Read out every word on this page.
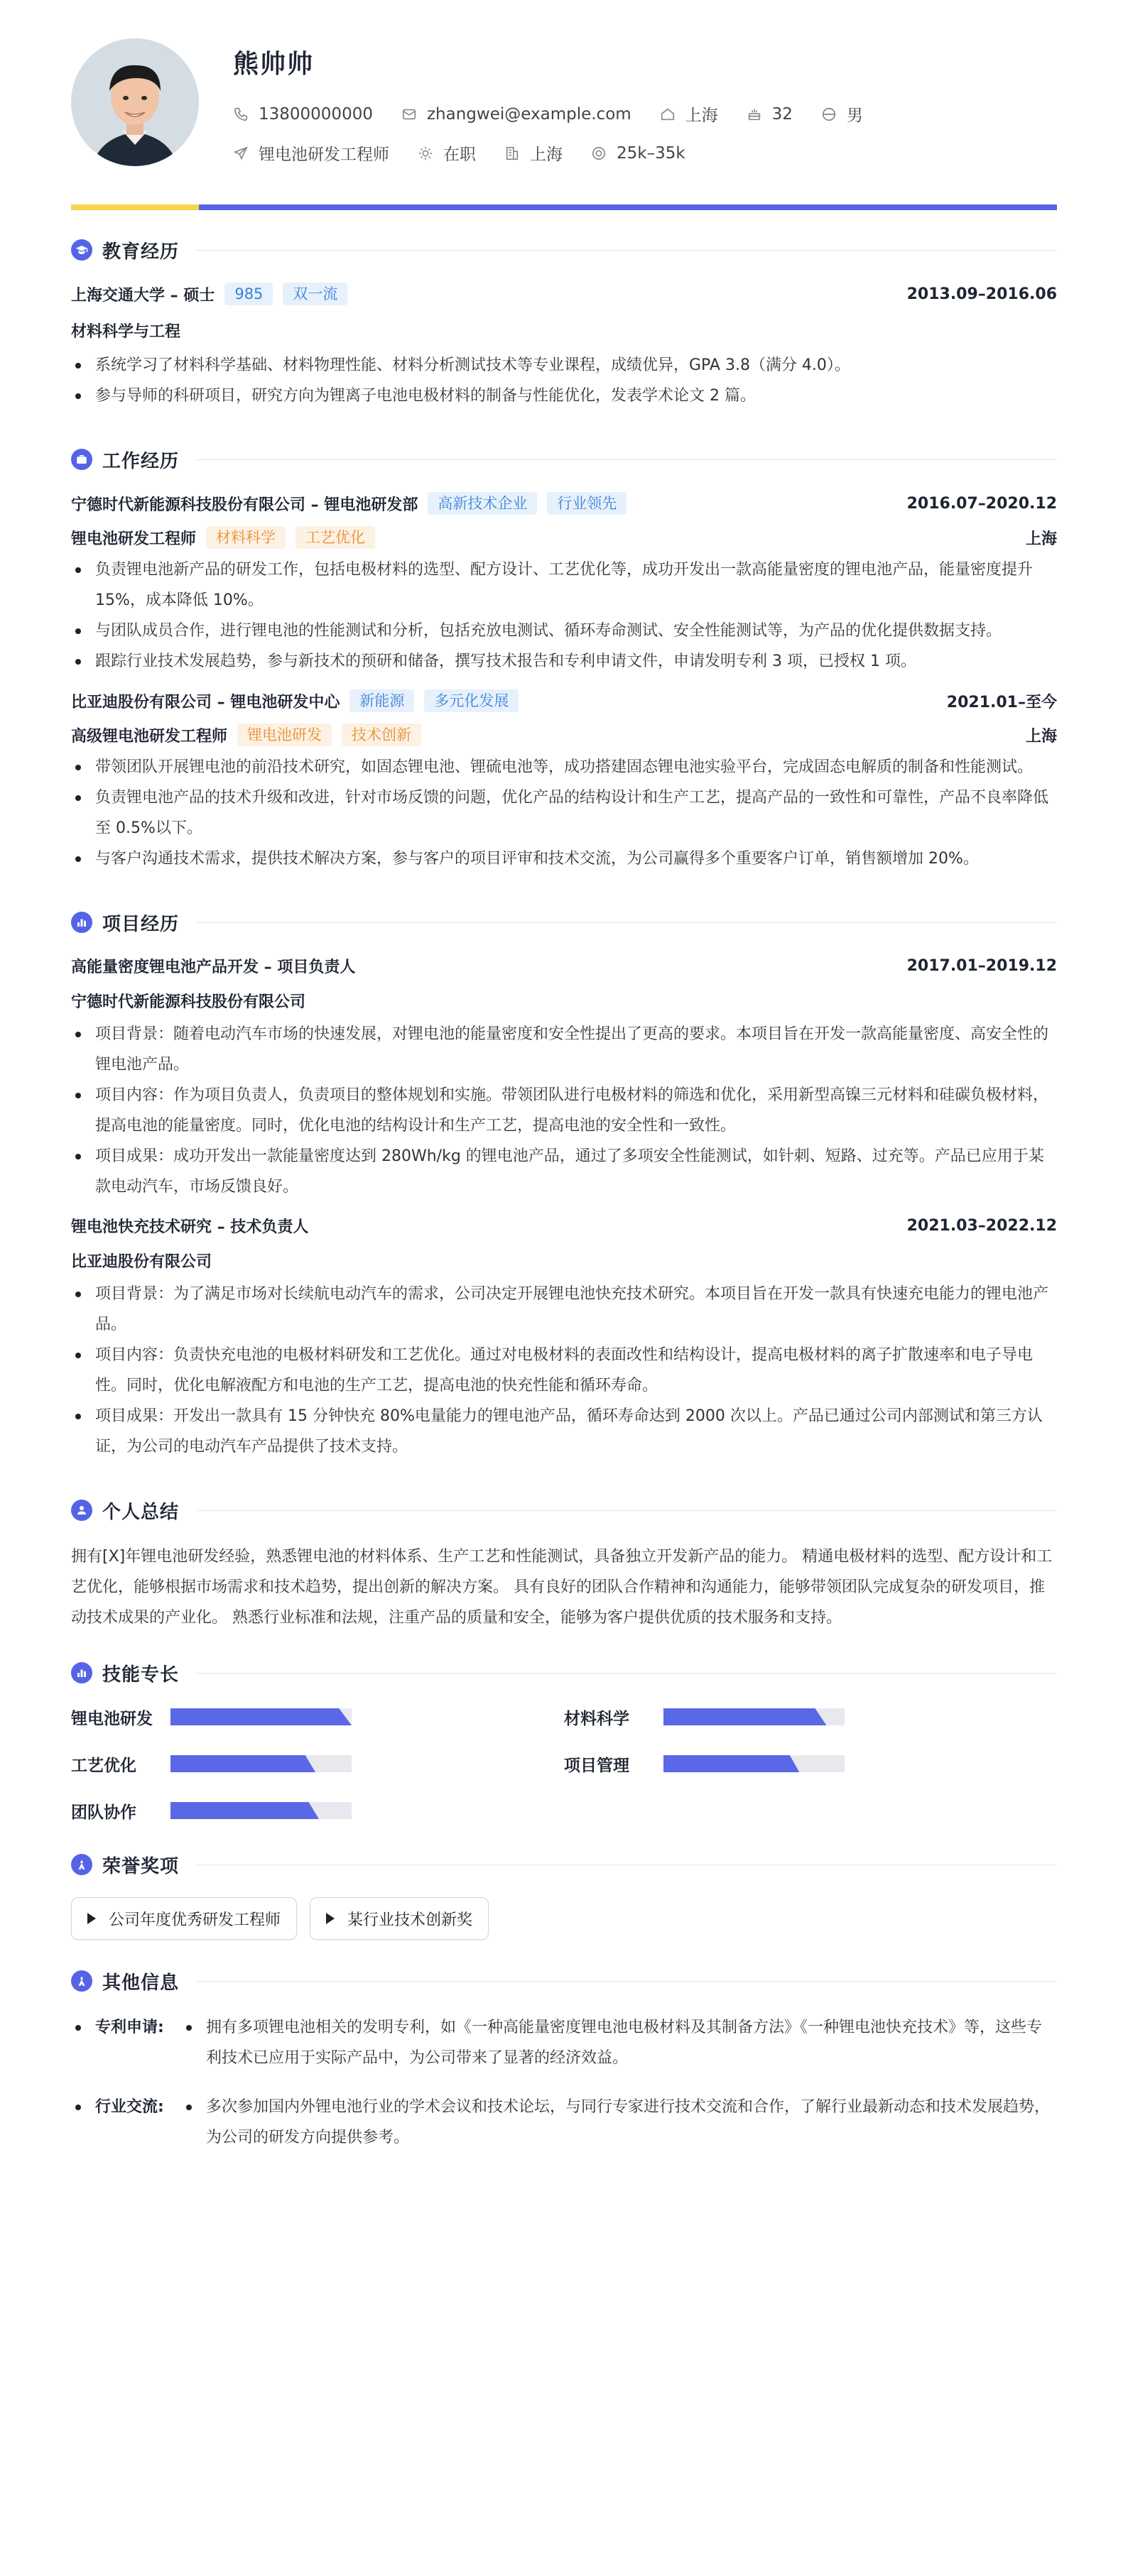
熊帅帅
13800000000	zhangwei@example.com	上海	32	男
锂电池研发工程师	在职	上海	25k–35k
教育经历
上海交通大学 – 硕士	985	双一流	2013.09–2016.06
材料科学与工程
系统学习了材料科学基础、材料物理性能、材料分析测试技术等专业课程，成绩优异，GPA 3.8（满分 4.0）。
参与导师的科研项目，研究方向为锂离子电池电极材料的制备与性能优化，发表学术论文 2 篇。
工作经历
宁德时代新能源科技股份有限公司 – 锂电池研发部	高新技术企业	行业领先	2016.07–2020.12
锂电池研发工程师	材料科学	工艺优化	上海
负责锂电池新产品的研发工作，包括电极材料的选型、配方设计、工艺优化等，成功开发出一款高能量密度的锂电池产品，能量密度提升 15%，成本降低 10%。
与团队成员合作，进行锂电池的性能测试和分析，包括充放电测试、循环寿命测试、安全性能测试等，为产品的优化提供数据支持。
跟踪行业技术发展趋势，参与新技术的预研和储备，撰写技术报告和专利申请文件，申请发明专利 3 项，已授权 1 项。
比亚迪股份有限公司 – 锂电池研发中心	新能源	多元化发展	2021.01–至今
高级锂电池研发工程师	锂电池研发	技术创新	上海
带领团队开展锂电池的前沿技术研究，如固态锂电池、锂硫电池等，成功搭建固态锂电池实验平台，完成固态电解质的制备和性能测试。
负责锂电池产品的技术升级和改进，针对市场反馈的问题，优化产品的结构设计和生产工艺，提高产品的一致性和可靠性，产品不良率降低至 0.5%以下。
与客户沟通技术需求，提供技术解决方案，参与客户的项目评审和技术交流，为公司赢得多个重要客户订单，销售额增加 20%。
项目经历
高能量密度锂电池产品开发 – 项目负责人	2017.01–2019.12
宁德时代新能源科技股份有限公司
项目背景：随着电动汽车市场的快速发展，对锂电池的能量密度和安全性提出了更高的要求。本项目旨在开发一款高能量密度、高安全性的锂电池产品。
项目内容：作为项目负责人，负责项目的整体规划和实施。带领团队进行电极材料的筛选和优化，采用新型高镍三元材料和硅碳负极材料，提高电池的能量密度。同时，优化电池的结构设计和生产工艺，提高电池的安全性和一致性。
项目成果：成功开发出一款能量密度达到 280Wh/kg 的锂电池产品，通过了多项安全性能测试，如针刺、短路、过充等。产品已应用于某款电动汽车，市场反馈良好。
锂电池快充技术研究 – 技术负责人	2021.03–2022.12
比亚迪股份有限公司
项目背景：为了满足市场对长续航电动汽车的需求，公司决定开展锂电池快充技术研究。本项目旨在开发一款具有快速充电能力的锂电池产品。
项目内容：负责快充电池的电极材料研发和工艺优化。通过对电极材料的表面改性和结构设计，提高电极材料的离子扩散速率和电子导电性。同时，优化电解液配方和电池的生产工艺，提高电池的快充性能和循环寿命。
项目成果：开发出一款具有 15 分钟快充 80%电量能力的锂电池产品，循环寿命达到 2000 次以上。产品已通过公司内部测试和第三方认证，为公司的电动汽车产品提供了技术支持。
个人总结

拥有[X]年锂电池研发经验，熟悉锂电池的材料体系、生产工艺和性能测试，具备独立开发新产品的能力。 精通电极材料的选型、配方设计和工艺优化，能够根据市场需求和技术趋势，提出创新的解决方案。 具有良好的团队合作精神和沟通能力，能够带领团队完成复杂的研发项目，推动技术成果的产业化。 熟悉行业标准和法规，注重产品的质量和安全，能够为客户提供优质的技术服务和支持。

技能专长
锂电池研发	材料科学
工艺优化	项目管理
团队协作
荣誉奖项
公司年度优秀研发工程师	某行业技术创新奖
其他信息
专利申请:	拥有多项锂电池相关的发明专利，如《一种高能量密度锂电池电极材料及其制备方法》《一种锂电池快充技术》等，这些专利技术已应用于实际产品中，为公司带来了显著的经济效益。
行业交流:	多次参加国内外锂电池行业的学术会议和技术论坛，与同行专家进行技术交流和合作，了解行业最新动态和技术发展趋势，为公司的研发方向提供参考。
